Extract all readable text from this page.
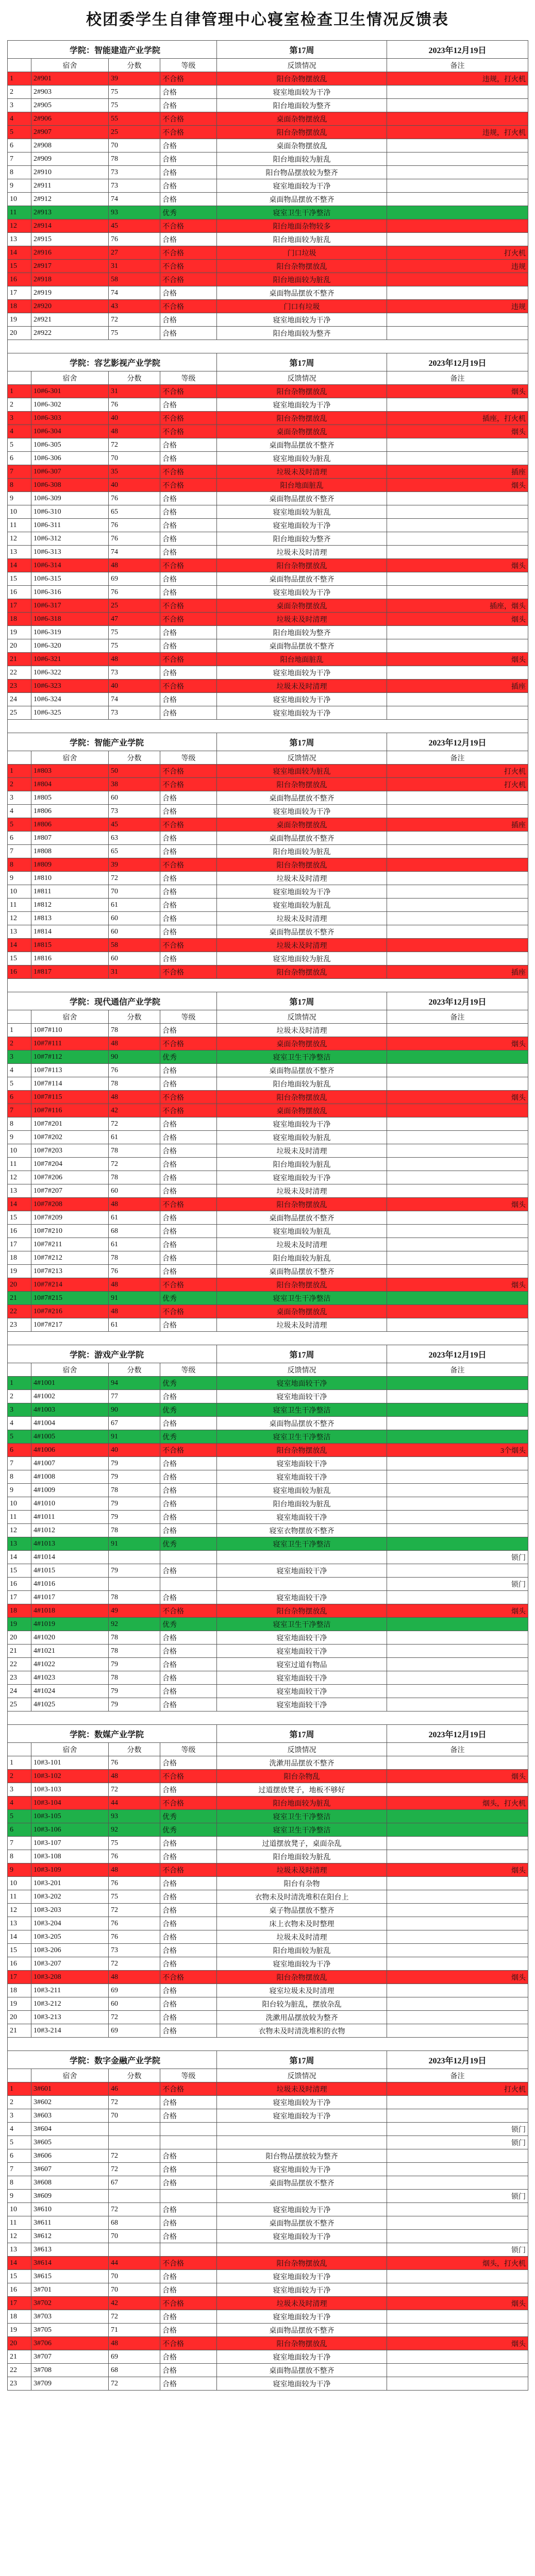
校团委学生自律管理中心寝室检查卫生情况反馈表
学院：智能建造产业学院				第17周	2023年12月19日
	宿舍	分数	等级	反馈情况	备注
1	2#901	39	不合格	阳台杂物摆放乱	违规，打火机
2	2#903	75	合格	寝室地面较为干净	
3	2#905	75	合格	阳台地面较为整齐	
4	2#906	55	不合格	桌面杂物摆放乱	
5	2#907	25	不合格	阳台杂物摆放乱	违规，打火机
6	2#908	70	合格	桌面杂物摆放乱	
7	2#909	78	合格	阳台地面较为脏乱	
8	2#910	73	合格	阳台物品摆放较为整齐	
9	2#911	73	合格	寝室地面较为干净	
10	2#912	74	合格	桌面物品摆放不整齐	
11	2#913	93	优秀	寝室卫生干净整洁	
12	2#914	45	不合格	阳台地面杂物较多	
13	2#915	76	合格	阳台地面较为脏乱	
14	2#916	27	不合格	门口垃圾	打火机
15	2#917	31	不合格	阳台杂物摆放乱	违规
16	2#918	58	不合格	阳台地面较为脏乱	
17	2#919	74	合格	桌面物品摆放不整齐	
18	2#920	43	不合格	门口有垃圾	违规
19	2#921	72	合格	寝室地面较为干净	
20	2#922	75	合格	阳台地面较为整齐	

学院：容艺影视产业学院				第17周	2023年12月19日
	宿舍	分数	等级	反馈情况	备注
1	10#6-301	31	不合格	阳台杂物摆放乱	烟头
2	10#6-302	76	合格	寝室地面较为干净	
3	10#6-303	40	不合格	阳台杂物摆放乱	插座，打火机
4	10#6-304	48	不合格	桌面杂物摆放乱	烟头
5	10#6-305	72	合格	桌面物品摆放不整齐	
6	10#6-306	70	合格	寝室地面较为脏乱	
7	10#6-307	35	不合格	垃圾未及时清理	插座
8	10#6-308	40	不合格	阳台地面脏乱	烟头
9	10#6-309	76	合格	桌面物品摆放不整齐	
10	10#6-310	65	合格	寝室地面较为脏乱	
11	10#6-311	76	合格	寝室地面较为干净	
12	10#6-312	76	合格	阳台地面较为整齐	
13	10#6-313	74	合格	垃圾未及时清理	
14	10#6-314	48	不合格	阳台杂物摆放乱	烟头
15	10#6-315	69	合格	桌面物品摆放不整齐	
16	10#6-316	76	合格	寝室地面较为干净	
17	10#6-317	25	不合格	桌面杂物摆放乱	插座，烟头
18	10#6-318	47	不合格	垃圾未及时清理	烟头
19	10#6-319	75	合格	阳台地面较为整齐	
20	10#6-320	75	合格	桌面物品摆放不整齐	
21	10#6-321	48	不合格	阳台地面脏乱	烟头
22	10#6-322	73	合格	寝室地面较为干净	
23	10#6-323	40	不合格	垃圾未及时清理	插座
24	10#6-324	74	合格	寝室地面较为干净	
25	10#6-325	73	合格	寝室地面较为干净	

学院：智能产业学院				第17周	2023年12月19日
	宿舍	分数	等级	反馈情况	备注
1	1#803	50	不合格	寝室地面较为脏乱	打火机
2	1#804	38	不合格	阳台杂物摆放乱	打火机
3	1#805	60	合格	桌面物品摆放不整齐	
4	1#806	73	合格	寝室地面较为干净	
5	1#806	45	不合格	桌面杂物摆放乱	插座
6	1#807	63	合格	桌面物品摆放不整齐	
7	1#808	65	合格	阳台地面较为脏乱	
8	1#809	39	不合格	阳台杂物摆放乱	
9	1#810	72	合格	垃圾未及时清理	
10	1#811	70	合格	寝室地面较为干净	
11	1#812	61	合格	寝室地面较为脏乱	
12	1#813	60	合格	垃圾未及时清理	
13	1#814	60	合格	桌面物品摆放不整齐	
14	1#815	58	不合格	垃圾未及时清理	
15	1#816	60	合格	寝室地面较为脏乱	
16	1#817	31	不合格	阳台杂物摆放乱	插座

学院：现代通信产业学院				第17周	2023年12月19日
	宿舍	分数	等级	反馈情况	备注
1	10#7#110	78	合格	垃圾未及时清理	
2	10#7#111	48	不合格	桌面杂物摆放乱	烟头
3	10#7#112	90	优秀	寝室卫生干净整洁	
4	10#7#113	76	合格	桌面物品摆放不整齐	
5	10#7#114	78	合格	阳台地面较为脏乱	
6	10#7#115	48	不合格	阳台杂物摆放乱	烟头
7	10#7#116	42	不合格	桌面杂物摆放乱	
8	10#7#201	72	合格	寝室地面较为干净	
9	10#7#202	61	合格	寝室地面较为脏乱	
10	10#7#203	78	合格	垃圾未及时清理	
11	10#7#204	72	合格	阳台地面较为脏乱	
12	10#7#206	78	合格	寝室地面较为干净	
13	10#7#207	60	合格	垃圾未及时清理	
14	10#7#208	48	不合格	阳台杂物摆放乱	烟头
15	10#7#209	61	合格	桌面物品摆放不整齐	
16	10#7#210	68	合格	寝室地面较为脏乱	
17	10#7#211	61	合格	垃圾未及时清理	
18	10#7#212	78	合格	阳台地面较为脏乱	
19	10#7#213	76	合格	桌面物品摆放不整齐	
20	10#7#214	48	不合格	阳台杂物摆放乱	烟头
21	10#7#215	91	优秀	寝室卫生干净整洁	
22	10#7#216	48	不合格	桌面杂物摆放乱	
23	10#7#217	61	合格	垃圾未及时清理	

学院：游戏产业学院				第17周	2023年12月19日
	宿舍	分数	等级	反馈情况	备注
1	4#1001	94	优秀	寝室地面较干净	
2	4#1002	77	合格	寝室地面较干净	
3	4#1003	90	优秀	寝室卫生干净整洁	
4	4#1004	67	合格	桌面物品摆放不整齐	
5	4#1005	91	优秀	寝室卫生干净整洁	
6	4#1006	40	不合格	阳台杂物摆放乱	3个烟头
7	4#1007	79	合格	寝室地面较干净	
8	4#1008	79	合格	寝室地面较干净	
9	4#1009	78	合格	寝室地面较为脏乱	
10	4#1010	79	合格	阳台地面较为脏乱	
11	4#1011	79	合格	寝室地面较干净	
12	4#1012	78	合格	寝室衣物摆放不整齐	
13	4#1013	91	优秀	寝室卫生干净整洁	
14	4#1014				锁门
15	4#1015	79	合格	寝室地面较干净	
16	4#1016				锁门
17	4#1017	78	合格	寝室地面较干净	
18	4#1018	49	不合格	阳台杂物摆放乱	烟头
19	4#1019	92	优秀	寝室卫生干净整洁	
20	4#1020	78	合格	寝室地面较干净	
21	4#1021	78	合格	寝室地面较干净	
22	4#1022	79	合格	寝室过道有物品	
23	4#1023	78	合格	寝室地面较干净	
24	4#1024	79	合格	寝室地面较干净	
25	4#1025	79	合格	寝室地面较干净	

学院：数媒产业学院				第17周	2023年12月19日
	宿舍	分数	等级	反馈情况	备注
1	10#3-101	76	合格	洗漱用品摆放不整齐	
2	10#3-102	48	不合格	阳台杂物乱	烟头
3	10#3-103	72	合格	过道摆放凳子，地板不够好	
4	10#3-104	44	不合格	阳台地面较为脏乱	烟头，打火机
5	10#3-105	93	优秀	寝室卫生干净整洁	
6	10#3-106	92	优秀	寝室卫生干净整洁	
7	10#3-107	75	合格	过道摆放凳子，桌面杂乱	
8	10#3-108	76	合格	阳台地面较为脏乱	
9	10#3-109	48	不合格	垃圾未及时清理	烟头
10	10#3-201	76	合格	阳台有杂物	
11	10#3-202	75	合格	衣物未及时清洗堆积在阳台上	
12	10#3-203	72	合格	桌子物品摆放不整齐	
13	10#3-204	76	合格	床上衣物未及时整理	
14	10#3-205	76	合格	垃圾未及时清理	
15	10#3-206	73	合格	阳台地面较为脏乱	
16	10#3-207	72	合格	寝室地面较为干净	
17	10#3-208	48	不合格	阳台杂物摆放乱	烟头
18	10#3-211	69	合格	寝室垃圾未及时清理	
19	10#3-212	60	合格	阳台较为脏乱，摆放杂乱	
20	10#3-213	72	合格	洗漱用品摆放较为整齐	
21	10#3-214	69	合格	衣物未及时清洗堆积的衣物	

学院：数字金融产业学院				第17周	2023年12月19日
	宿舍	分数	等级	反馈情况	备注
1	3#601	46	不合格	垃圾未及时清理	打火机
2	3#602	72	合格	寝室地面较为干净	
3	3#603	70	合格	寝室地面较为干净	
4	3#604				锁门
5	3#605				锁门
6	3#606	72	合格	阳台物品摆放较为整齐	
7	3#607	72	合格	寝室地面较为干净	
8	3#608	67	合格	桌面物品摆放不整齐	
9	3#609				锁门
10	3#610	72	合格	寝室地面较为干净	
11	3#611	68	合格	桌面物品摆放不整齐	
12	3#612	70	合格	寝室地面较为干净	
13	3#613				锁门
14	3#614	44	不合格	阳台杂物摆放乱	烟头，打火机
15	3#615	70	合格	寝室地面较为干净	
16	3#701	70	合格	寝室地面较为干净	
17	3#702	42	不合格	垃圾未及时清理	烟头
18	3#703	72	合格	寝室地面较为干净	
19	3#705	71	合格	桌面物品摆放不整齐	
20	3#706	48	不合格	阳台杂物摆放乱	烟头
21	3#707	69	合格	寝室地面较为干净	
22	3#708	68	合格	桌面物品摆放不整齐	
23	3#709	72	合格	寝室地面较为干净	
